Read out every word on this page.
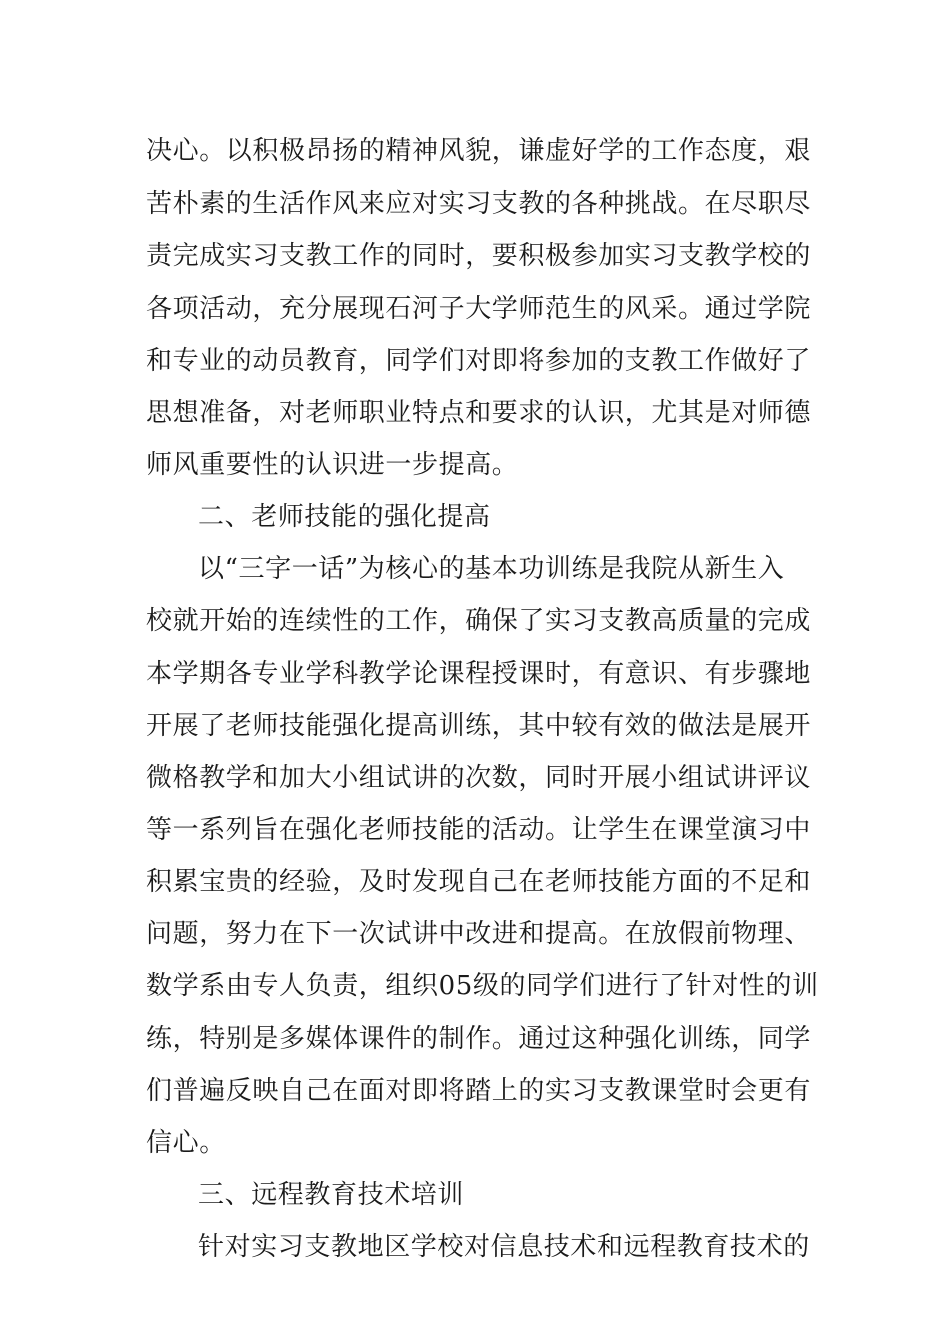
决心。以积极昂扬的精神风貌，谦虚好学的工作态度，艰
苦朴素的生活作风来应对实习支教的各种挑战。在尽职尽
责完成实习支教工作的同时，要积极参加实习支教学校的
各项活动，充分展现石河子大学师范生的风采。通过学院
和专业的动员教育，同学们对即将参加的支教工作做好了
思想准备，对老师职业特点和要求的认识，尤其是对师德
师风重要性的认识进一步提高。
二、老师技能的强化提高
以“三字一话”为核心的基本功训练是我院从新生入
校就开始的连续性的工作，确保了实习支教高质量的完成
本学期各专业学科教学论课程授课时，有意识、有步骤地
开展了老师技能强化提高训练，其中较有效的做法是展开
微格教学和加大小组试讲的次数，同时开展小组试讲评议
等一系列旨在强化老师技能的活动。让学生在课堂演习中
积累宝贵的经验，及时发现自己在老师技能方面的不足和
问题，努力在下一次试讲中改进和提高。在放假前物理、
数学系由专人负责，组织05级的同学们进行了针对性的训
练，特别是多媒体课件的制作。通过这种强化训练，同学
们普遍反映自己在面对即将踏上的实习支教课堂时会更有
信心。
三、远程教育技术培训
针对实习支教地区学校对信息技术和远程教育技术的
